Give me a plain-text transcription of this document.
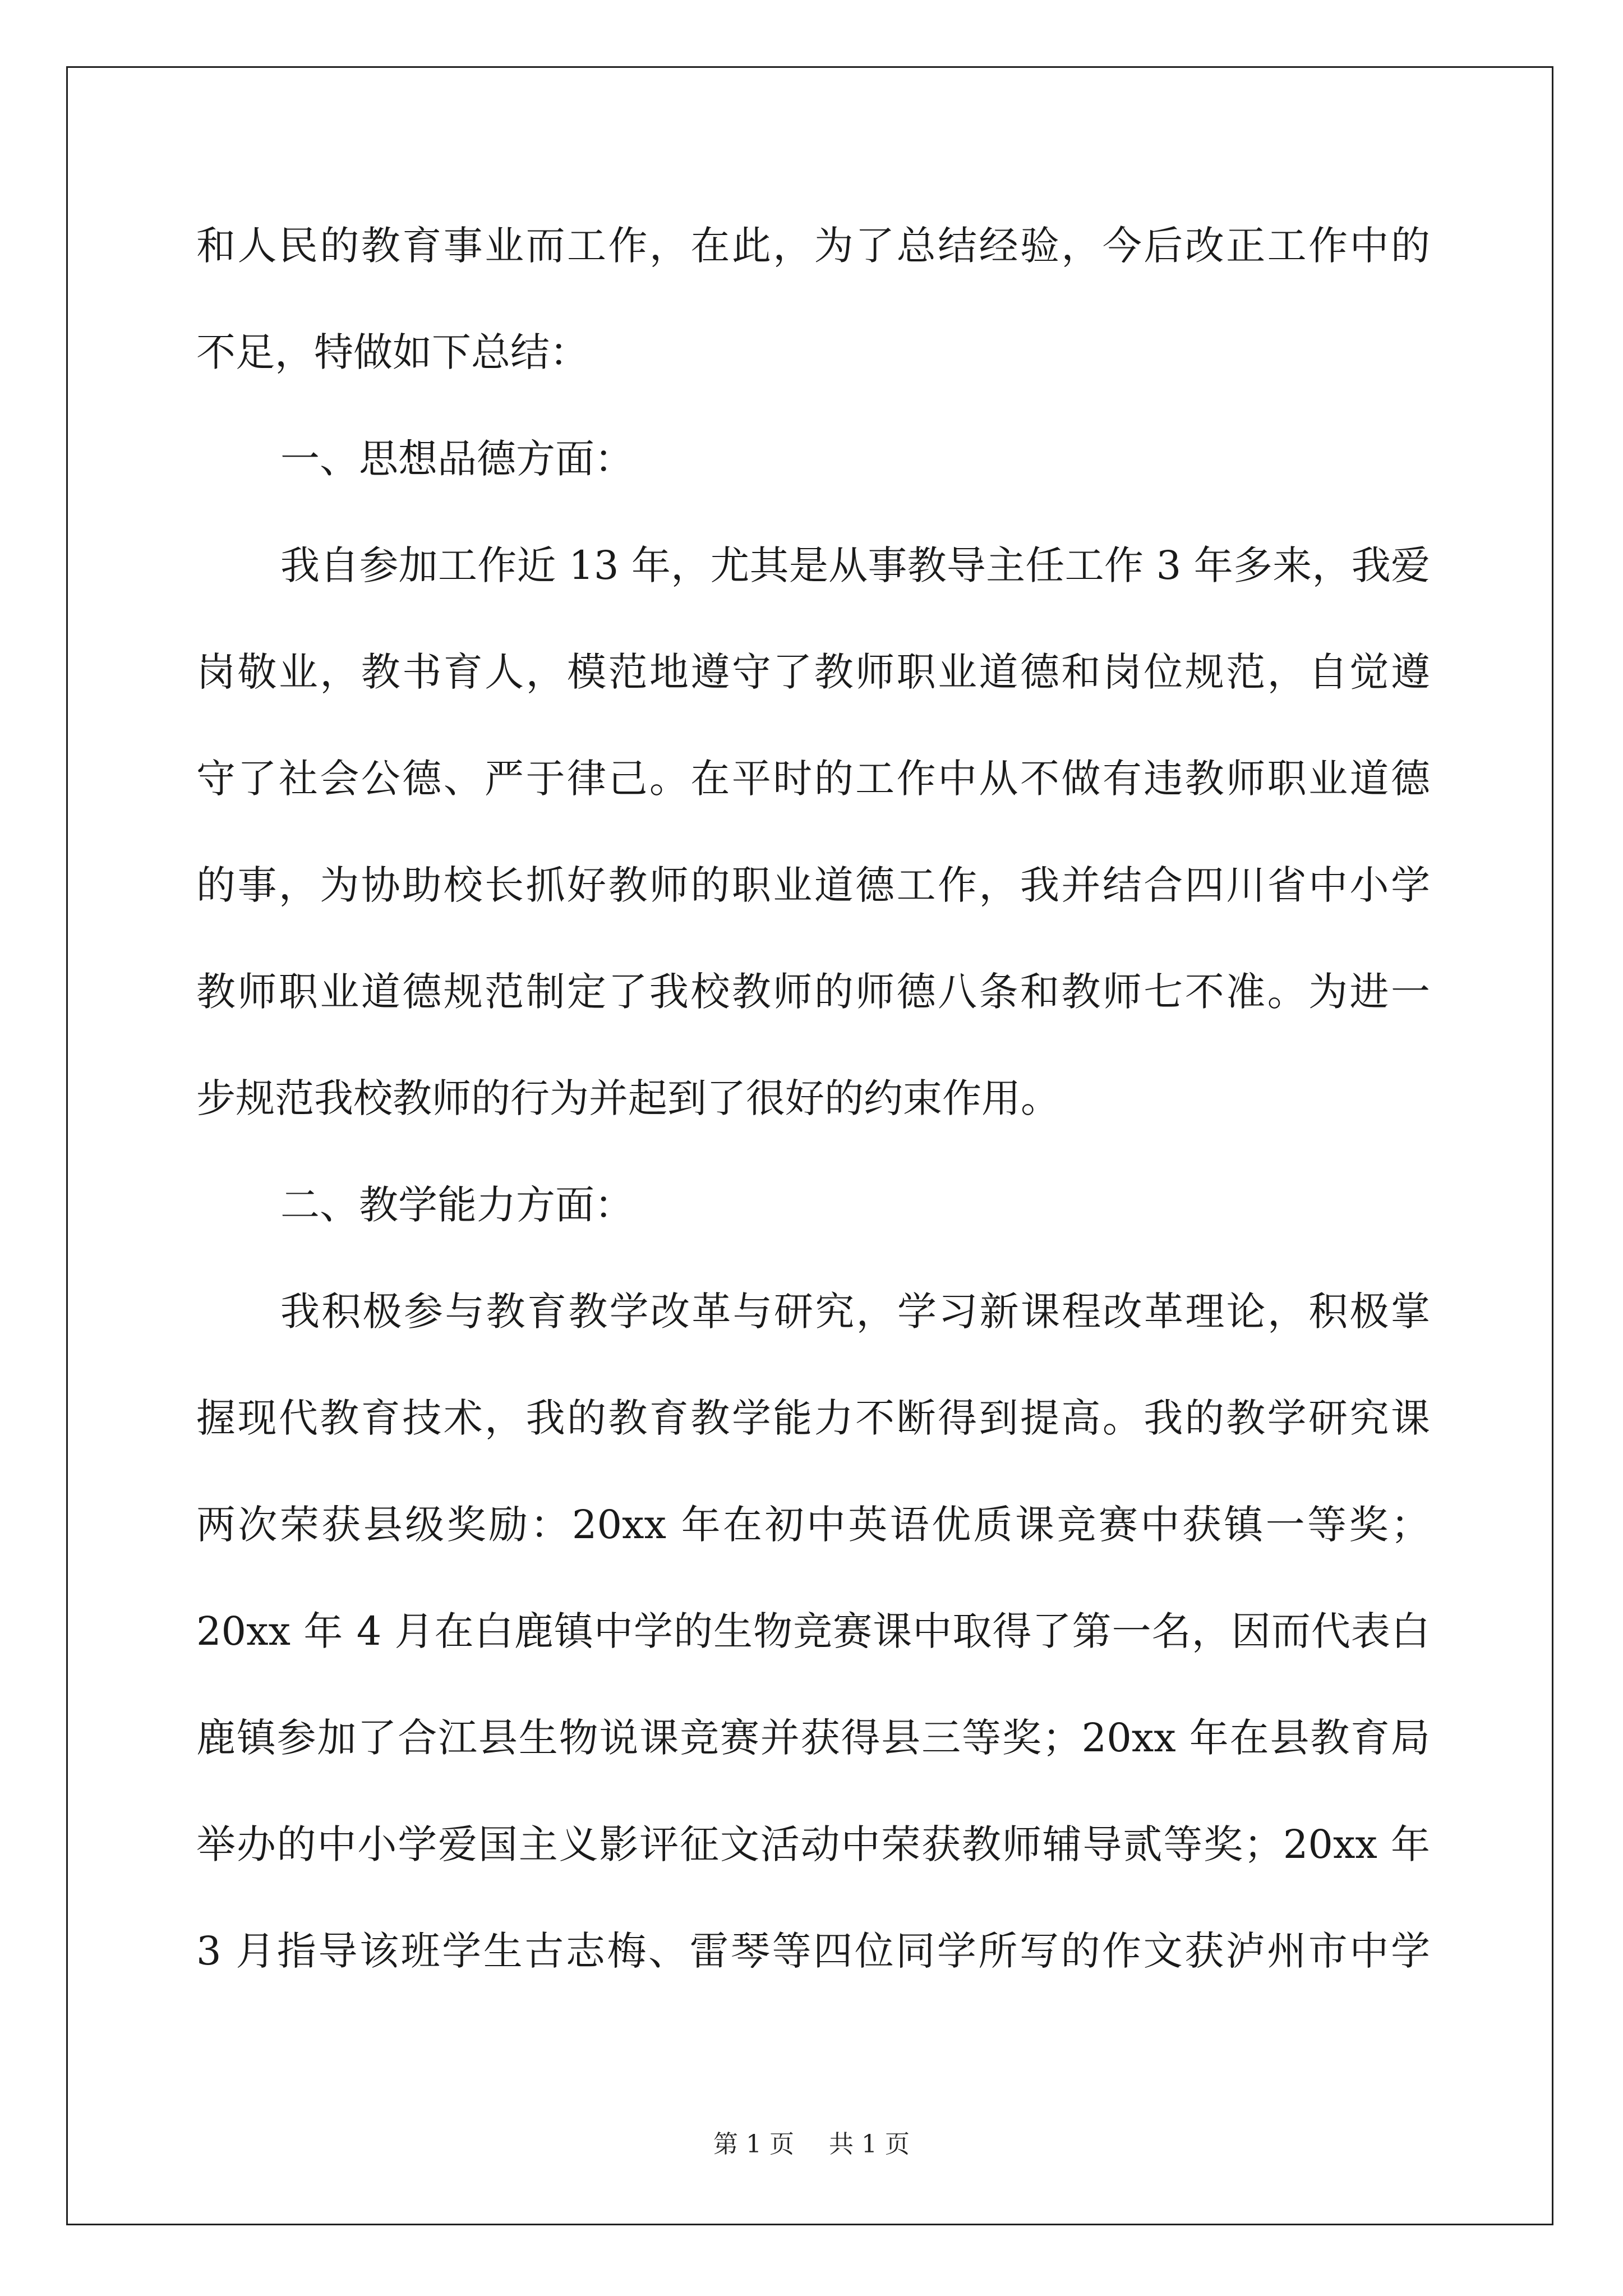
和人民的教育事业而工作，在此，为了总结经验，今后改正工作中的
不足，特做如下总结：
一、思想品德方面：
我自参加工作近 13 年，尤其是从事教导主任工作 3 年多来，我爱
岗敬业，教书育人，模范地遵守了教师职业道德和岗位规范，自觉遵
守了社会公德、严于律己。在平时的工作中从不做有违教师职业道德
的事，为协助校长抓好教师的职业道德工作，我并结合四川省中小学
教师职业道德规范制定了我校教师的师德八条和教师七不准。为进一
步规范我校教师的行为并起到了很好的约束作用。
二、教学能力方面：
我积极参与教育教学改革与研究，学习新课程改革理论，积极掌
握现代教育技术，我的教育教学能力不断得到提高。我的教学研究课
两次荣获县级奖励：20xx 年在初中英语优质课竞赛中获镇一等奖；
20xx 年 4 月在白鹿镇中学的生物竞赛课中取得了第一名，因而代表白
鹿镇参加了合江县生物说课竞赛并获得县三等奖；20xx 年在县教育局
举办的中小学爱国主义影评征文活动中荣获教师辅导贰等奖；20xx 年
3 月指导该班学生古志梅、雷琴等四位同学所写的作文获泸州市中学
第 1 页 共 1 页
